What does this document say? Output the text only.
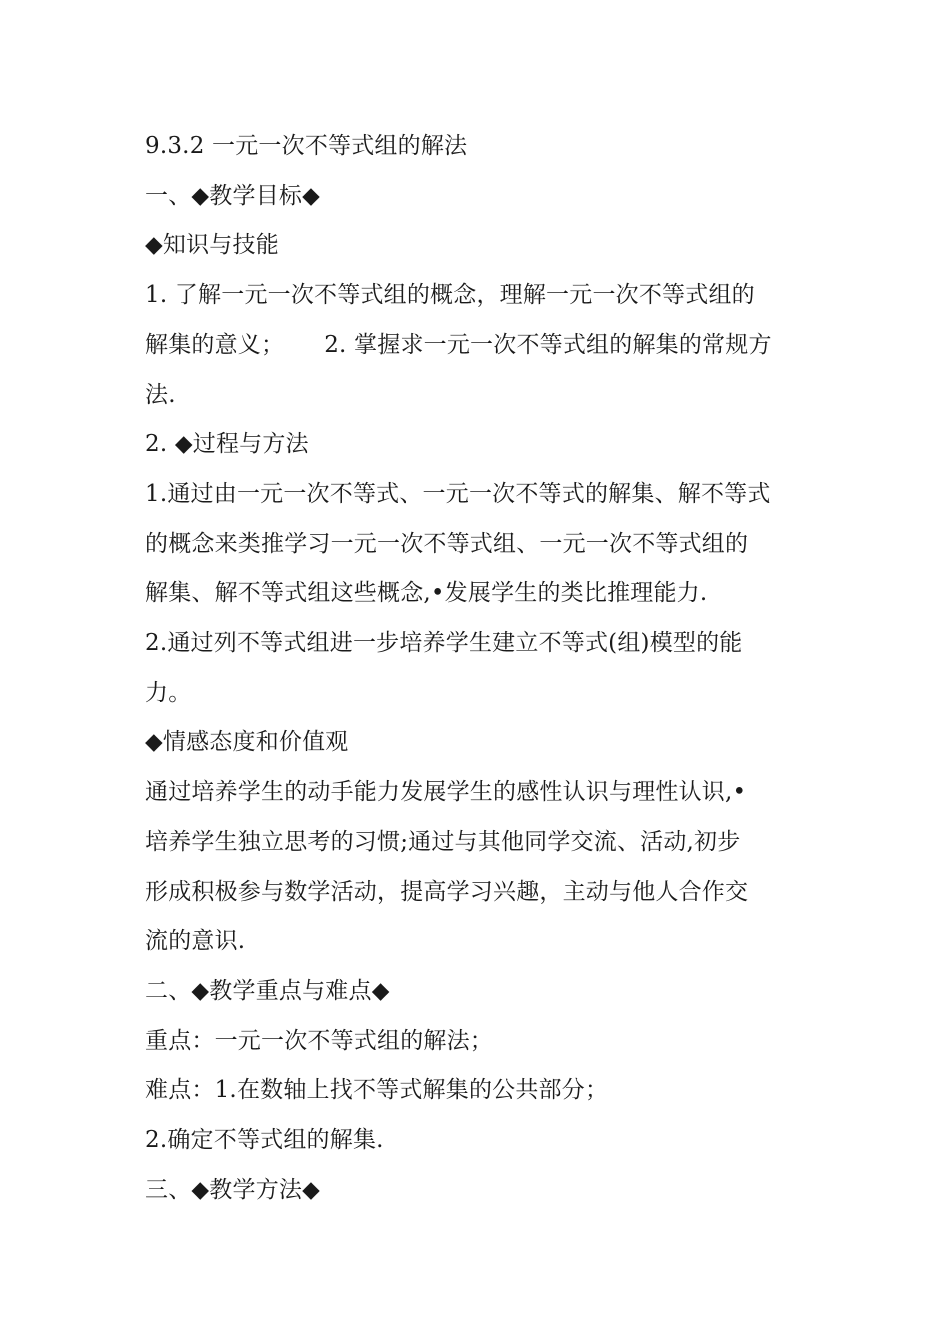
9.3.2 一元一次不等式组的解法
一、◆教学目标◆
◆知识与技能
1. 了解一元一次不等式组的概念，理解一元一次不等式组的
解集的意义； 2. 掌握求一元一次不等式组的解集的常规方
法.
2. ◆过程与方法
1.通过由一元一次不等式、一元一次不等式的解集、解不等式
的概念来类推学习一元一次不等式组、一元一次不等式组的
解集、解不等式组这些概念,•发展学生的类比推理能力.
2.通过列不等式组进一步培养学生建立不等式(组)模型的能
力。
◆情感态度和价值观
通过培养学生的动手能力发展学生的感性认识与理性认识,•
培养学生独立思考的习惯;通过与其他同学交流、活动,初步
形成积极参与数学活动，提高学习兴趣，主动与他人合作交
流的意识.
二、◆教学重点与难点◆
重点：一元一次不等式组的解法；
难点：1.在数轴上找不等式解集的公共部分；
2.确定不等式组的解集.
三、◆教学方法◆
